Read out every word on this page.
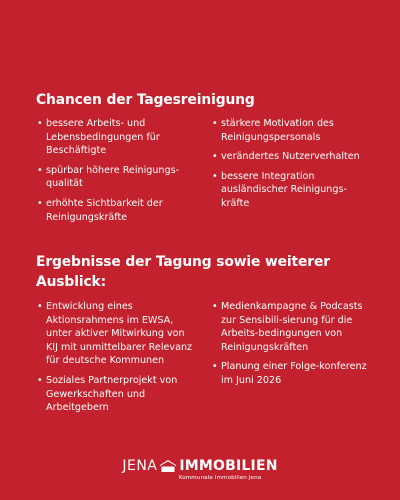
Chancen der Tagesreinigung
• bessere Arbeits- und Lebensbedingungen für Beschäftigte
• spürbar höhere Reinigungs-qualität
• erhöhte Sichtbarkeit der Reinigungskräfte
• stärkere Motivation des Reinigungspersonals
• verändertes Nutzerverhalten
• bessere Integration ausländischer Reinigungs-kräfte
Ergebnisse der Tagung sowie weiterer Ausblick:
• Entwicklung eines Aktionsrahmens im EWSA, unter aktiver Mitwirkung von KIJ mit unmittelbarer Relevanz für deutsche Kommunen
• Soziales Partnerprojekt von Gewerkschaften und Arbeitgebern
• Medienkampagne & Podcasts zur Sensibili-sierung für die Arbeits-bedingungen von Reinigungskräften
• Planung einer Folge-konferenz im Juni 2026
JENA IMMOBILIEN
Kommunale Immobilien Jena
